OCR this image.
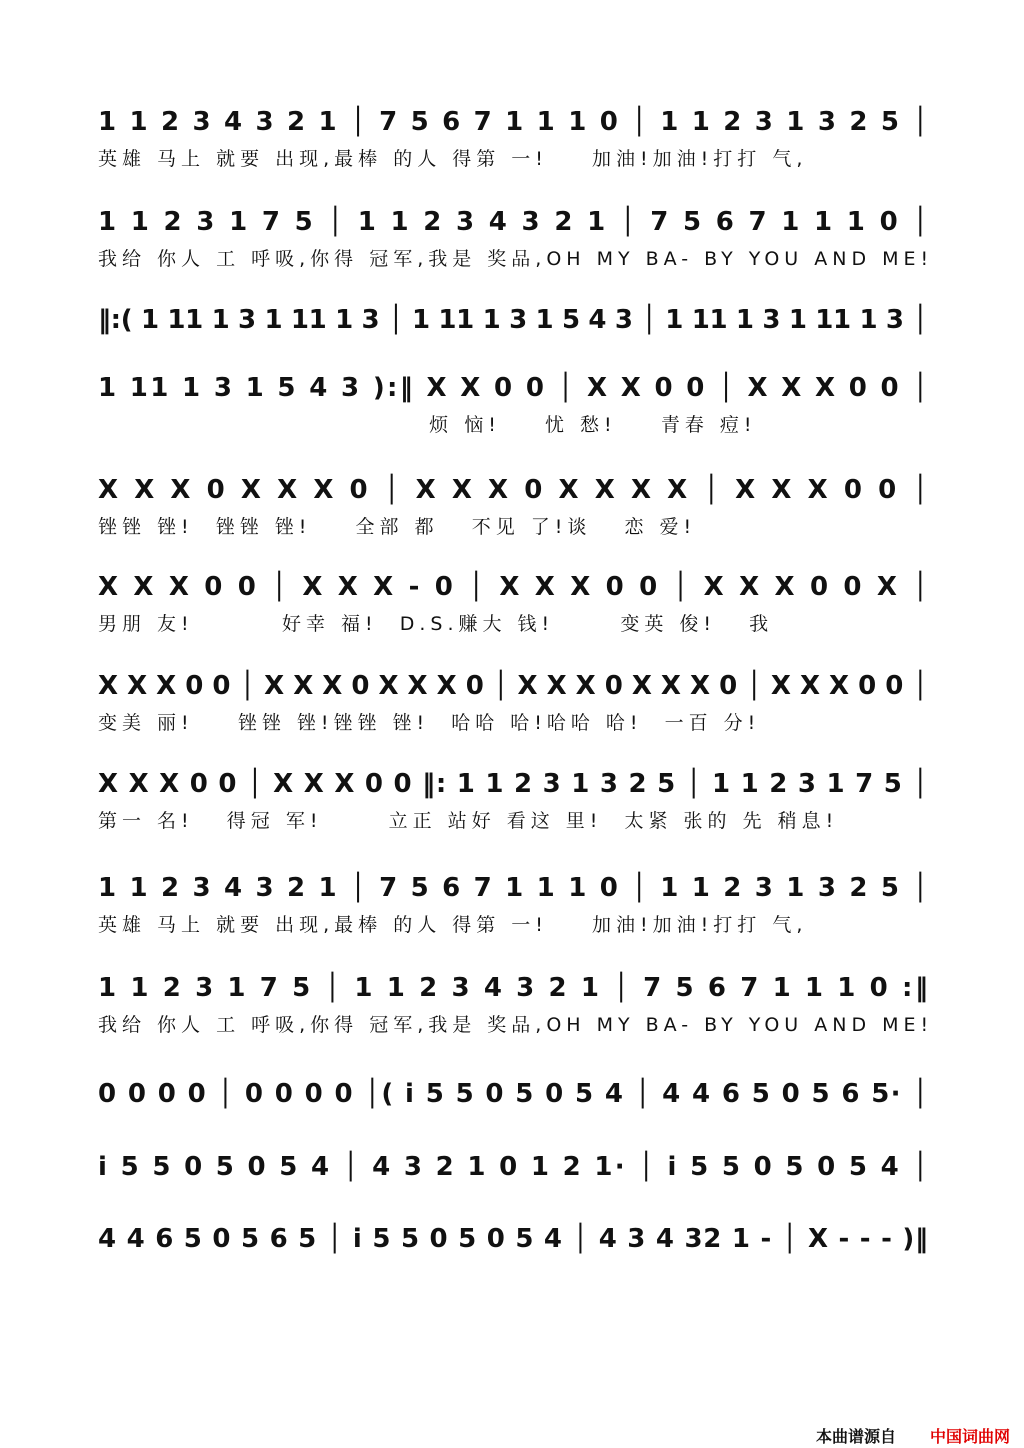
1 1 2 3 4 3 2 1 │ 7 5 6 7 1 1 1 0 │ 1 1 2 3 1 3 2 5 │
英雄 马上 就要 出现,最棒 的人 得第 一!    加油!加油!打打 气,
1 1 2 3 1 7 5 │ 1 1 2 3 4 3 2 1 │ 7 5 6 7 1 1 1 0 │
我给 你人 工 呼吸,你得 冠军,我是 奖品,OH MY BA- BY YOU AND ME!
‖:( 1 11 1 3 1 11 1 3 │ 1 11 1 3 1 5 4 3 │ 1 11 1 3 1 11 1 3 │
1 11 1 3 1 5 4 3 ):‖ X X 0 0 │ X X 0 0 │ X X X 0 0 │
烦 恼!    忧 愁!    青春 痘!
X X X 0 X X X 0 │ X X X 0 X X X X │ X X X 0 0 │
锉锉 锉!  锉锉 锉!    全部 都   不见 了!谈   恋 爱!
X X X 0 0 │ X X X - 0 │ X X X 0 0 │ X X X 0 0 X │
男朋 友!        好幸 福!  D.S.赚大 钱!      变英 俊!   我
X X X 0 0 │ X X X 0 X X X 0 │ X X X 0 X X X 0 │ X X X 0 0 │
变美 丽!    锉锉 锉!锉锉 锉!  哈哈 哈!哈哈 哈!  一百 分!
X X X 0 0 │ X X X 0 0 ‖: 1 1 2 3 1 3 2 5 │ 1 1 2 3 1 7 5 │
第一 名!   得冠 军!      立正 站好 看这 里!  太紧 张的 先 稍息!
1 1 2 3 4 3 2 1 │ 7 5 6 7 1 1 1 0 │ 1 1 2 3 1 3 2 5 │
英雄 马上 就要 出现,最棒 的人 得第 一!    加油!加油!打打 气,
1 1 2 3 1 7 5 │ 1 1 2 3 4 3 2 1 │ 7 5 6 7 1 1 1 0 :‖
我给 你人 工 呼吸,你得 冠军,我是 奖品,OH MY BA- BY YOU AND ME!
0 0 0 0 │ 0 0 0 0 │( i 5 5 0 5 0 5 4 │ 4 4 6 5 0 5 6 5· │
i 5 5 0 5 0 5 4 │ 4 3 2 1 0 1 2 1· │ i 5 5 0 5 0 5 4 │
4 4 6 5 0 5 6 5 │ i 5 5 0 5 0 5 4 │ 4 3 4 32 1 - │ X - - - )‖
本曲谱源自 中国词曲网
